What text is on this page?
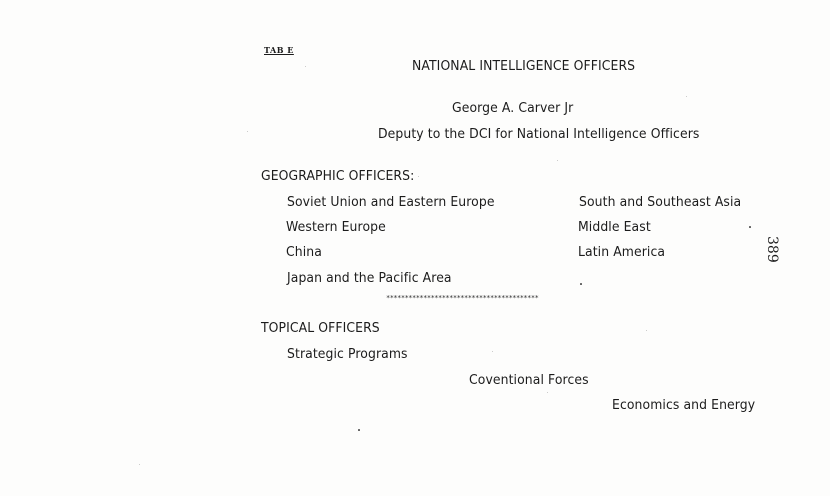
TAB E
NATIONAL INTELLIGENCE OFFICERS
George A. Carver Jr
Deputy to the DCI for National Intelligence Officers
GEOGRAPHIC OFFICERS:
Soviet Union and Eastern Europe
Western Europe
China
Japan and the Pacific Area
South and Southeast Asia
Middle East
Latin America
*****************************************
TOPICAL OFFICERS
Strategic Programs
Coventional Forces
Economics and Energy
389
